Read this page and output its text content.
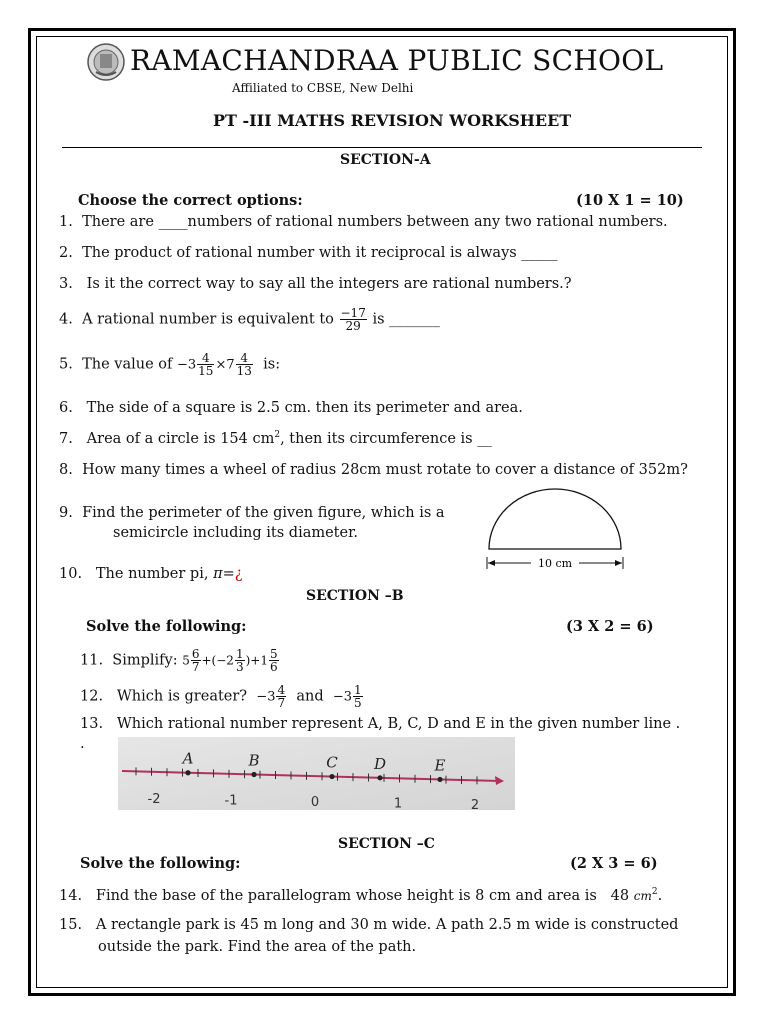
RAMACHANDRAA PUBLIC SCHOOL
Affiliated to CBSE, New Delhi
PT -III MATHS REVISION WORKSHEET
SECTION-A
Choose the correct options:	(10 X 1 = 10)
1. There are ____numbers of rational numbers between any two rational numbers.
2. The product of rational number with it reciprocal is always _____
3. Is it the correct way to say all the integers are rational numbers.?
4. A rational number is equivalent to $\frac{-17}{29}$ is _______
5. The value of $-3 \frac{4}{15} \times 7 \frac{4}{13}$ is:
6. The side of a square is 2.5 cm. then its perimeter and area.
7. Area of a circle is 154 $cm^2$, then its circumference is __
8. How many times a wheel of radius 28cm must rotate to cover a distance of 352m?
9. Find the perimeter of the given figure, which is a
semicircle including its diameter.
10 cm
10. The number pi, π=¿
SECTION –B
Solve the following:	(3 X 2 = 6)
11. Simplify: $5 \frac{6}{7} +(-2 \frac{1}{3} )+1 \frac{5}{6}$
12. Which is greater? $-3 \frac{4}{7}$ and $-3 \frac{1}{5}$
13. Which rational number represent A, B, C, D and E in the given number line .
.
A	B	C D	E
-2	-1	0	1	2
SECTION –C
Solve the following:	(2 X 3 = 6)
14. Find the base of the parallelogram whose height is 8 cm and area is 48 $cm^2$.
15. A rectangle park is 45 m long and 30 m wide. A path 2.5 m wide is constructed
outside the park. Find the area of the path.
